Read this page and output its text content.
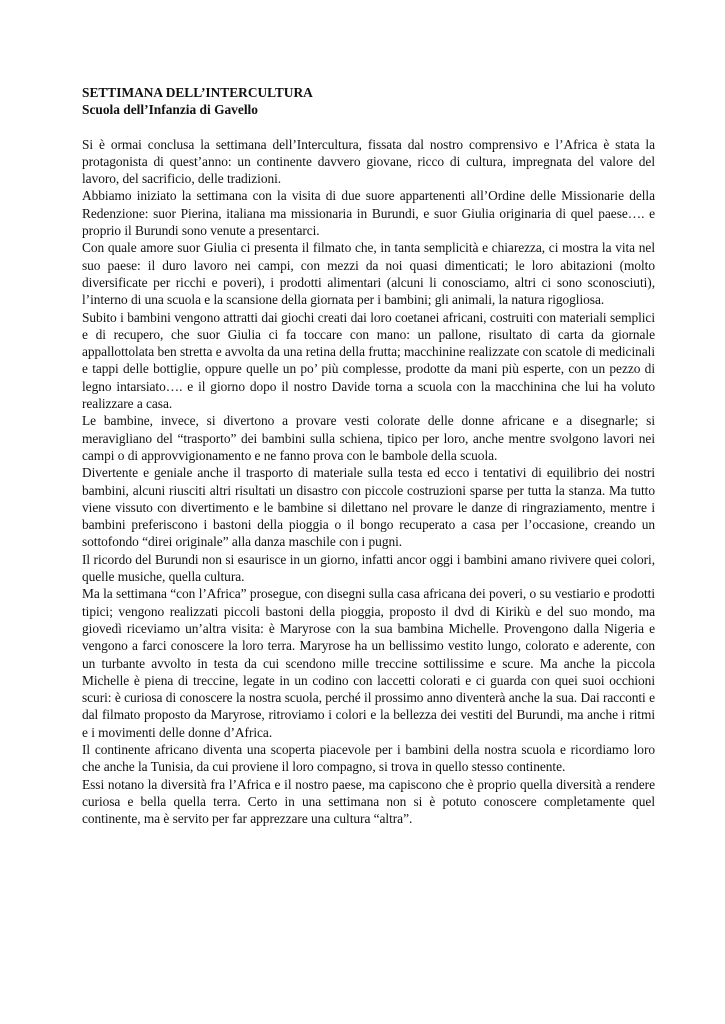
SETTIMANA DELL’INTERCULTURA

Scuola dell’Infanzia di Gavello

Si è ormai conclusa la settimana dell’Intercultura, fissata dal nostro comprensivo e l’Africa è stata la protagonista di quest’anno: un continente davvero giovane, ricco di cultura, impregnata del valore del lavoro, del sacrificio, delle tradizioni.

Abbiamo iniziato la settimana con la visita di due suore appartenenti all’Ordine delle Missionarie della Redenzione: suor Pierina, italiana ma missionaria in Burundi, e suor Giulia originaria di quel paese…. e proprio il Burundi sono venute a presentarci.

Con quale amore suor Giulia ci presenta il filmato che, in tanta semplicità e chiarezza, ci mostra la vita nel suo paese: il duro lavoro nei campi, con mezzi da noi quasi dimenticati; le loro abitazioni (molto diversificate per ricchi e poveri), i prodotti alimentari (alcuni li conosciamo, altri ci sono sconosciuti), l’interno di una scuola e la scansione della giornata per i bambini; gli animali, la natura rigogliosa.

Subito i bambini vengono attratti dai giochi creati dai loro coetanei africani, costruiti con materiali semplici e di recupero, che suor Giulia ci fa toccare con mano: un pallone, risultato di carta da giornale appallottolata ben stretta e avvolta da una retina della frutta; macchinine realizzate con scatole di medicinali e tappi delle bottiglie, oppure quelle un po’ più complesse, prodotte da mani più esperte, con un pezzo di legno intarsiato…. e il giorno dopo il nostro Davide torna a scuola con la macchinina che lui ha voluto realizzare a casa.

Le bambine, invece, si divertono a provare vesti colorate delle donne africane e a disegnarle; si meravigliano del “trasporto” dei bambini sulla schiena, tipico per loro, anche mentre svolgono lavori nei campi o di approvvigionamento e ne fanno prova con le bambole della scuola.

Divertente e geniale anche il trasporto di materiale sulla testa ed ecco i tentativi di equilibrio dei nostri bambini, alcuni riusciti altri risultati un disastro con piccole costruzioni sparse per tutta la stanza. Ma tutto viene vissuto con divertimento e le bambine si dilettano nel provare le danze di ringraziamento, mentre i bambini preferiscono i bastoni della pioggia o il bongo recuperato a casa per l’occasione, creando un sottofondo “direi originale” alla danza maschile con i pugni.

Il ricordo del Burundi non si esaurisce in un giorno, infatti ancor oggi i bambini amano rivivere quei colori, quelle musiche, quella cultura.

Ma la settimana “con l’Africa” prosegue, con disegni sulla casa africana dei poveri, o su vestiario e prodotti tipici; vengono realizzati piccoli bastoni della pioggia, proposto il dvd di Kirikù e del suo mondo, ma giovedì riceviamo un’altra visita: è Maryrose con la sua bambina Michelle. Provengono dalla Nigeria e vengono a farci conoscere la loro terra. Maryrose ha un bellissimo vestito lungo, colorato e aderente, con un turbante avvolto in testa da cui scendono mille treccine sottilissime e scure. Ma anche la piccola Michelle è piena di treccine, legate in un codino con laccetti colorati e ci guarda con quei suoi occhioni scuri: è curiosa di conoscere la nostra scuola, perché il prossimo anno diventerà anche la sua. Dai racconti e dal filmato proposto da Maryrose, ritroviamo i colori e la bellezza dei vestiti del Burundi, ma anche i ritmi e i movimenti delle donne d’Africa.

Il continente africano diventa una scoperta piacevole per i bambini della nostra scuola e ricordiamo loro che anche la Tunisia, da cui proviene il loro compagno, si trova in quello stesso continente.

Essi notano la diversità fra l’Africa e il nostro paese, ma capiscono che è proprio quella diversità a rendere curiosa e bella quella terra. Certo in una settimana non si è potuto conoscere completamente quel continente, ma è servito per far apprezzare una cultura “altra”.
